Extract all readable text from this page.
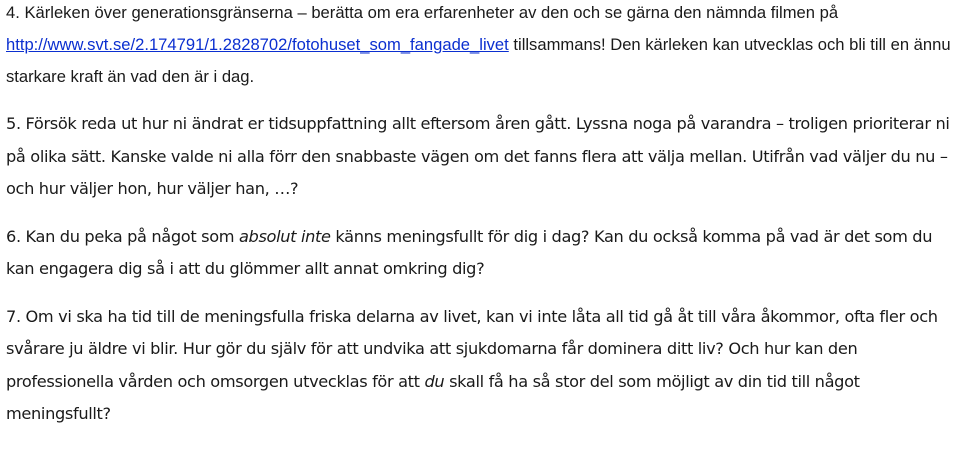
4. Kärleken över generationsgränserna – berätta om era erfarenheter av den och se gärna den nämnda filmen på http://www.svt.se/2.174791/1.2828702/fotohuset_som_fangade_livet tillsammans! Den kärleken kan utvecklas och bli till en ännu starkare kraft än vad den är i dag.

5. Försök reda ut hur ni ändrat er tidsuppfattning allt eftersom åren gått. Lyssna noga på varandra – troligen prioriterar ni på olika sätt. Kanske valde ni alla förr den snabbaste vägen om det fanns flera att välja mellan. Utifrån vad väljer du nu – och hur väljer hon, hur väljer han, …?

6. Kan du peka på något som absolut inte känns meningsfullt för dig i dag? Kan du också komma på vad är det som du kan engagera dig så i att du glömmer allt annat omkring dig?

7. Om vi ska ha tid till de meningsfulla friska delarna av livet, kan vi inte låta all tid gå åt till våra åkommor, ofta fler och svårare ju äldre vi blir. Hur gör du själv för att undvika att sjukdomarna får dominera ditt liv? Och hur kan den professionella vården och omsorgen utvecklas för att du skall få ha så stor del som möjligt av din tid till något meningsfullt?
